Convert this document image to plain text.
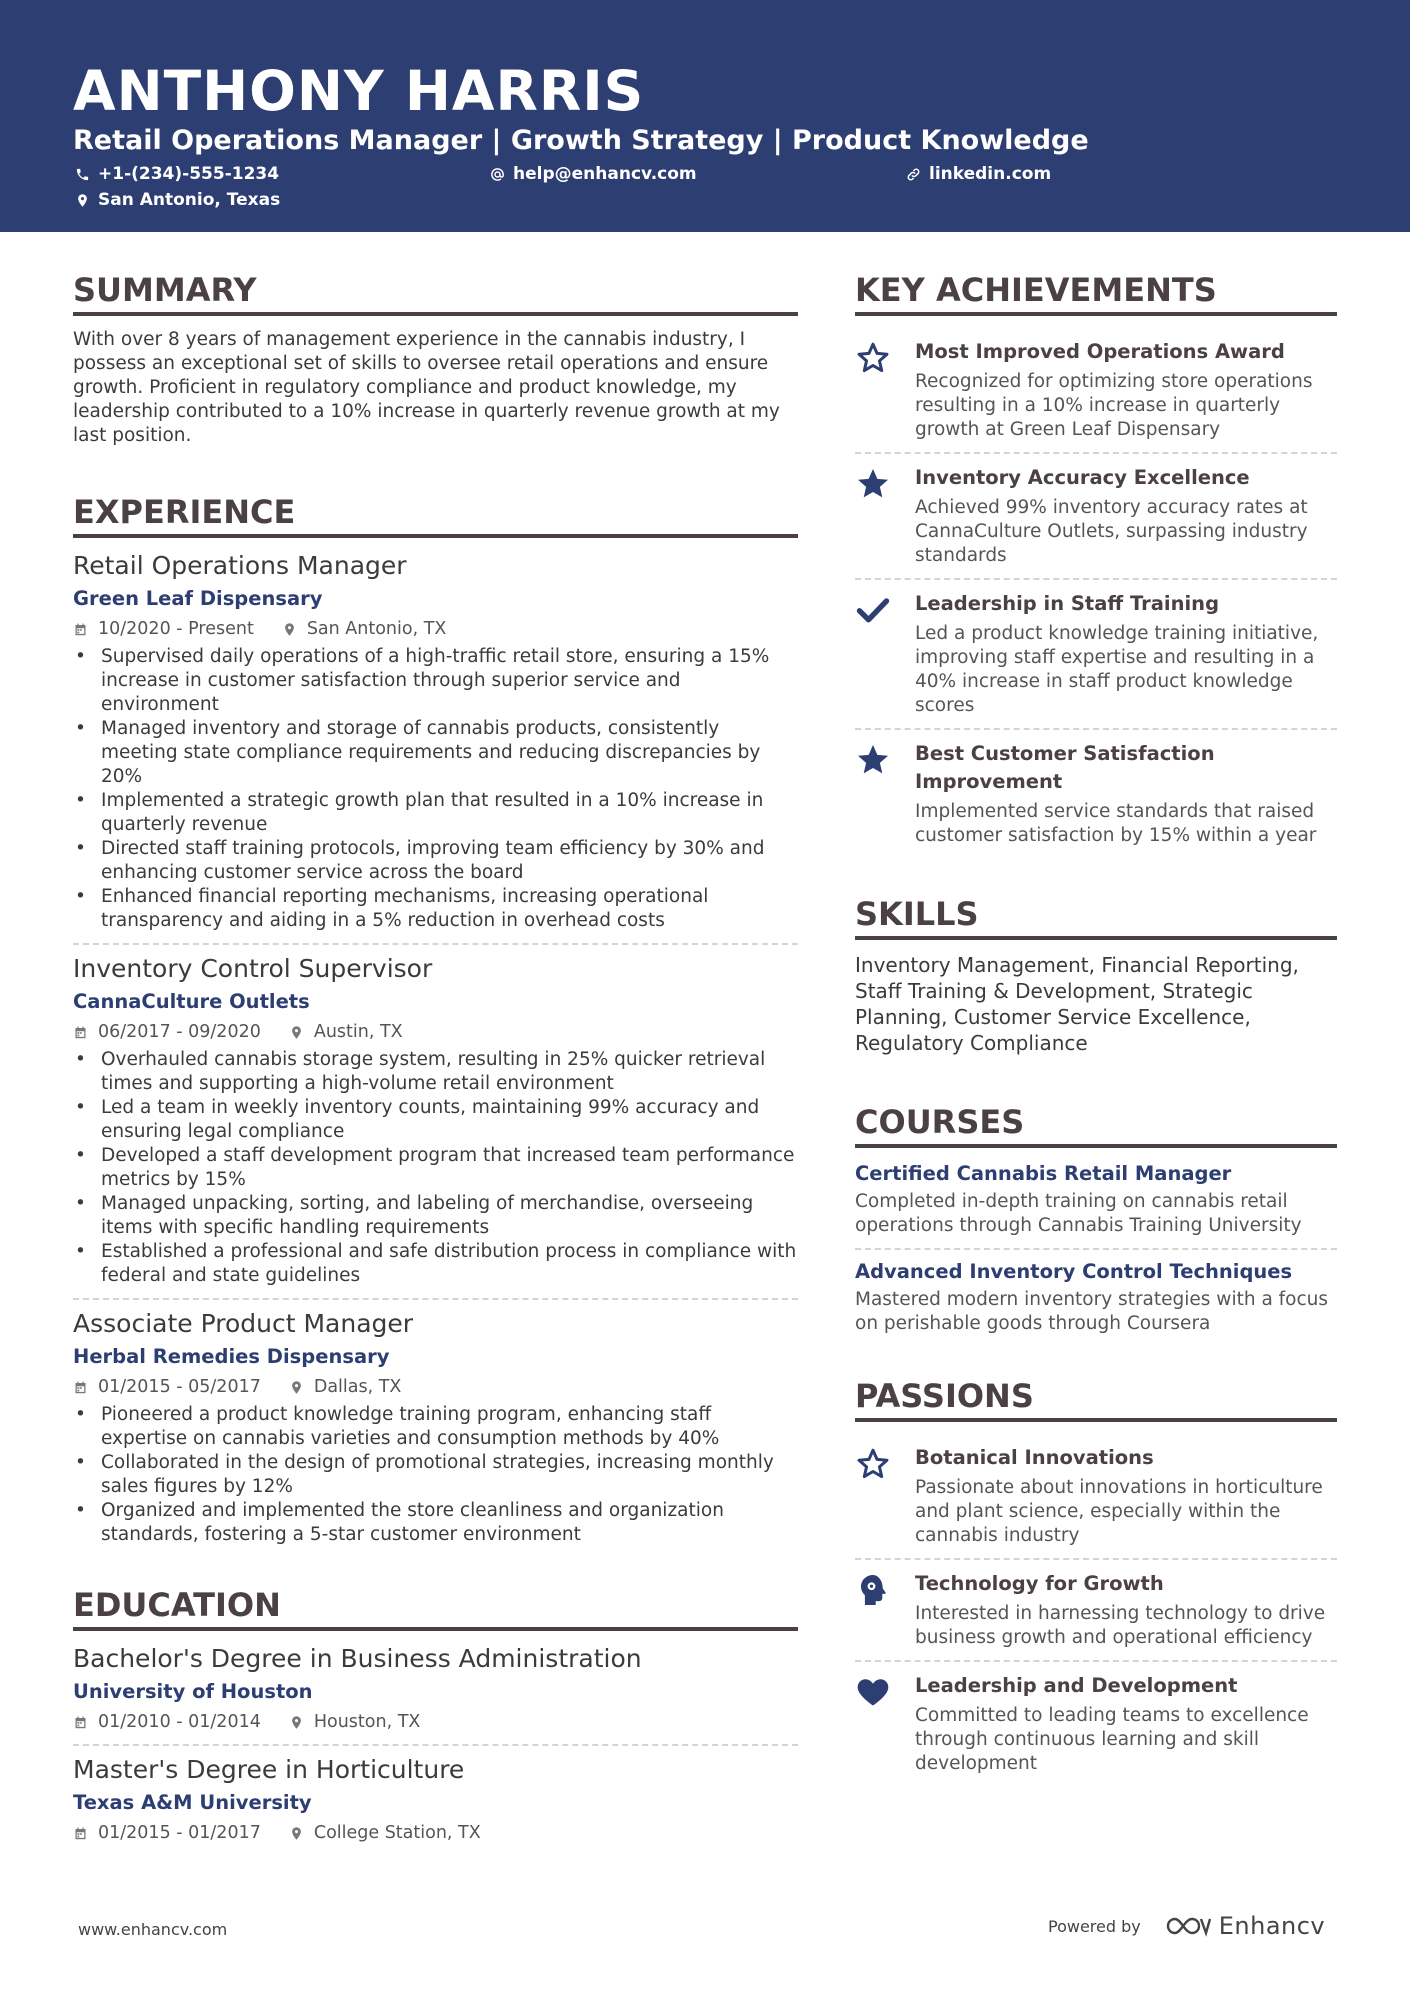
ANTHONY HARRIS
Retail Operations Manager | Growth Strategy | Product Knowledge
+1-(234)-555-1234	help@enhancv.com	linkedin.com
San Antonio, Texas
SUMMARY
With over 8 years of management experience in the cannabis industry, I possess an exceptional set of skills to oversee retail operations and ensure growth. Proficient in regulatory compliance and product knowledge, my leadership contributed to a 10% increase in quarterly revenue growth at my last position.
EXPERIENCE
Retail Operations Manager
Green Leaf Dispensary
10/2020 - Present	San Antonio, TX
• Supervised daily operations of a high-traffic retail store, ensuring a 15% increase in customer satisfaction through superior service and environment
• Managed inventory and storage of cannabis products, consistently meeting state compliance requirements and reducing discrepancies by 20%
• Implemented a strategic growth plan that resulted in a 10% increase in quarterly revenue
• Directed staff training protocols, improving team efficiency by 30% and enhancing customer service across the board
• Enhanced financial reporting mechanisms, increasing operational transparency and aiding in a 5% reduction in overhead costs
Inventory Control Supervisor
CannaCulture Outlets
06/2017 - 09/2020	Austin, TX
• Overhauled cannabis storage system, resulting in 25% quicker retrieval times and supporting a high-volume retail environment
• Led a team in weekly inventory counts, maintaining 99% accuracy and ensuring legal compliance
• Developed a staff development program that increased team performance metrics by 15%
• Managed unpacking, sorting, and labeling of merchandise, overseeing items with specific handling requirements
• Established a professional and safe distribution process in compliance with federal and state guidelines
Associate Product Manager
Herbal Remedies Dispensary
01/2015 - 05/2017	Dallas, TX
• Pioneered a product knowledge training program, enhancing staff expertise on cannabis varieties and consumption methods by 40%
• Collaborated in the design of promotional strategies, increasing monthly sales figures by 12%
• Organized and implemented the store cleanliness and organization standards, fostering a 5-star customer environment
EDUCATION
Bachelor's Degree in Business Administration
University of Houston
01/2010 - 01/2014	Houston, TX
Master's Degree in Horticulture
Texas A&M University
01/2015 - 01/2017	College Station, TX
KEY ACHIEVEMENTS
Most Improved Operations Award
Recognized for optimizing store operations resulting in a 10% increase in quarterly growth at Green Leaf Dispensary
Inventory Accuracy Excellence
Achieved 99% inventory accuracy rates at CannaCulture Outlets, surpassing industry standards
Leadership in Staff Training
Led a product knowledge training initiative, improving staff expertise and resulting in a 40% increase in staff product knowledge scores
Best Customer Satisfaction Improvement
Implemented service standards that raised customer satisfaction by 15% within a year
SKILLS
Inventory Management, Financial Reporting, Staff Training & Development, Strategic Planning, Customer Service Excellence, Regulatory Compliance
COURSES
Certified Cannabis Retail Manager
Completed in-depth training on cannabis retail operations through Cannabis Training University
Advanced Inventory Control Techniques
Mastered modern inventory strategies with a focus on perishable goods through Coursera
PASSIONS
Botanical Innovations
Passionate about innovations in horticulture and plant science, especially within the cannabis industry
Technology for Growth
Interested in harnessing technology to drive business growth and operational efficiency
Leadership and Development
Committed to leading teams to excellence through continuous learning and skill development
www.enhancv.com	Powered by	Enhancv
